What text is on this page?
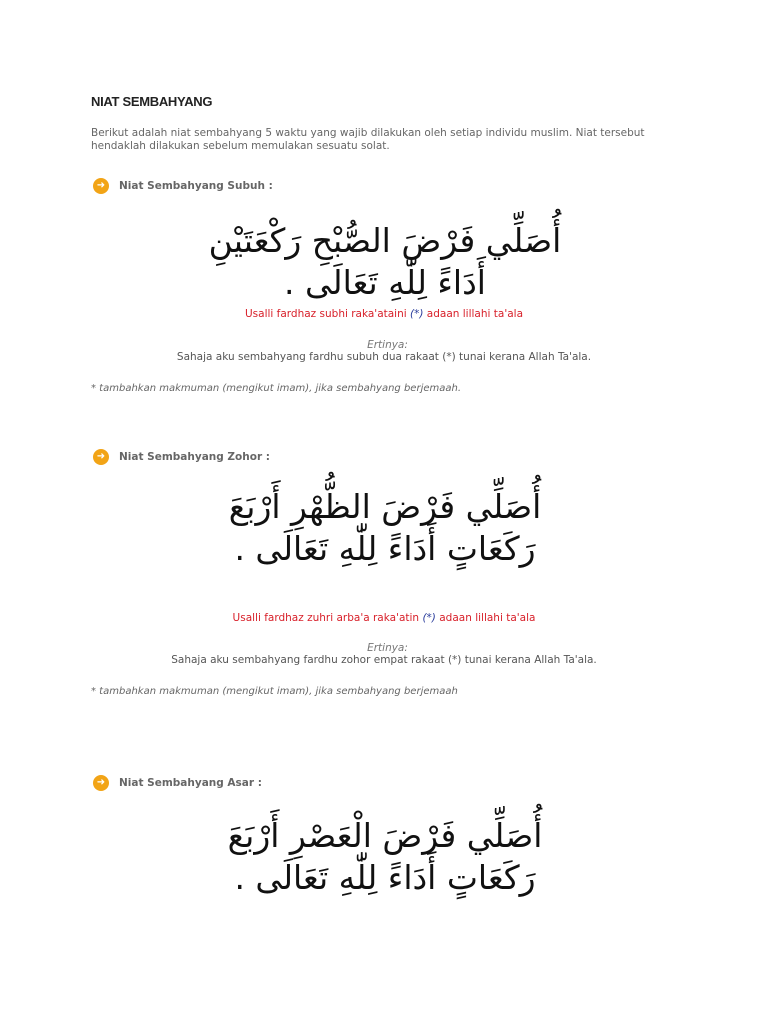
NIAT SEMBAHYANG
Berikut adalah niat sembahyang 5 waktu yang wajib dilakukan oleh setiap individu muslim. Niat tersebut hendaklah dilakukan sebelum memulakan sesuatu solat.
➜	Niat Sembahyang Subuh :
أُصَلِّي فَرْضَ الصُّبْحِ رَكْعَتَيْنِ
أَدَاءً لِلّٰهِ تَعَالَى .
Usalli fardhaz subhi raka'ataini (*) adaan lillahi ta'ala
Ertinya:
Sahaja aku sembahyang fardhu subuh dua rakaat (*) tunai kerana Allah Ta'ala.
* tambahkan makmuman (mengikut imam), jika sembahyang berjemaah.
➜	Niat Sembahyang Zohor :
أُصَلِّي فَرْضَ الظُّهْرِ أَرْبَعَ
رَكَعَاتٍ أَدَاءً لِلّٰهِ تَعَالَى .
Usalli fardhaz zuhri arba'a raka'atin (*) adaan lillahi ta'ala
Ertinya:
Sahaja aku sembahyang fardhu zohor empat rakaat (*) tunai kerana Allah Ta'ala.
* tambahkan makmuman (mengikut imam), jika sembahyang berjemaah
➜	Niat Sembahyang Asar :
أُصَلِّي فَرْضَ الْعَصْرِ أَرْبَعَ
رَكَعَاتٍ أَدَاءً لِلّٰهِ تَعَالَى .
